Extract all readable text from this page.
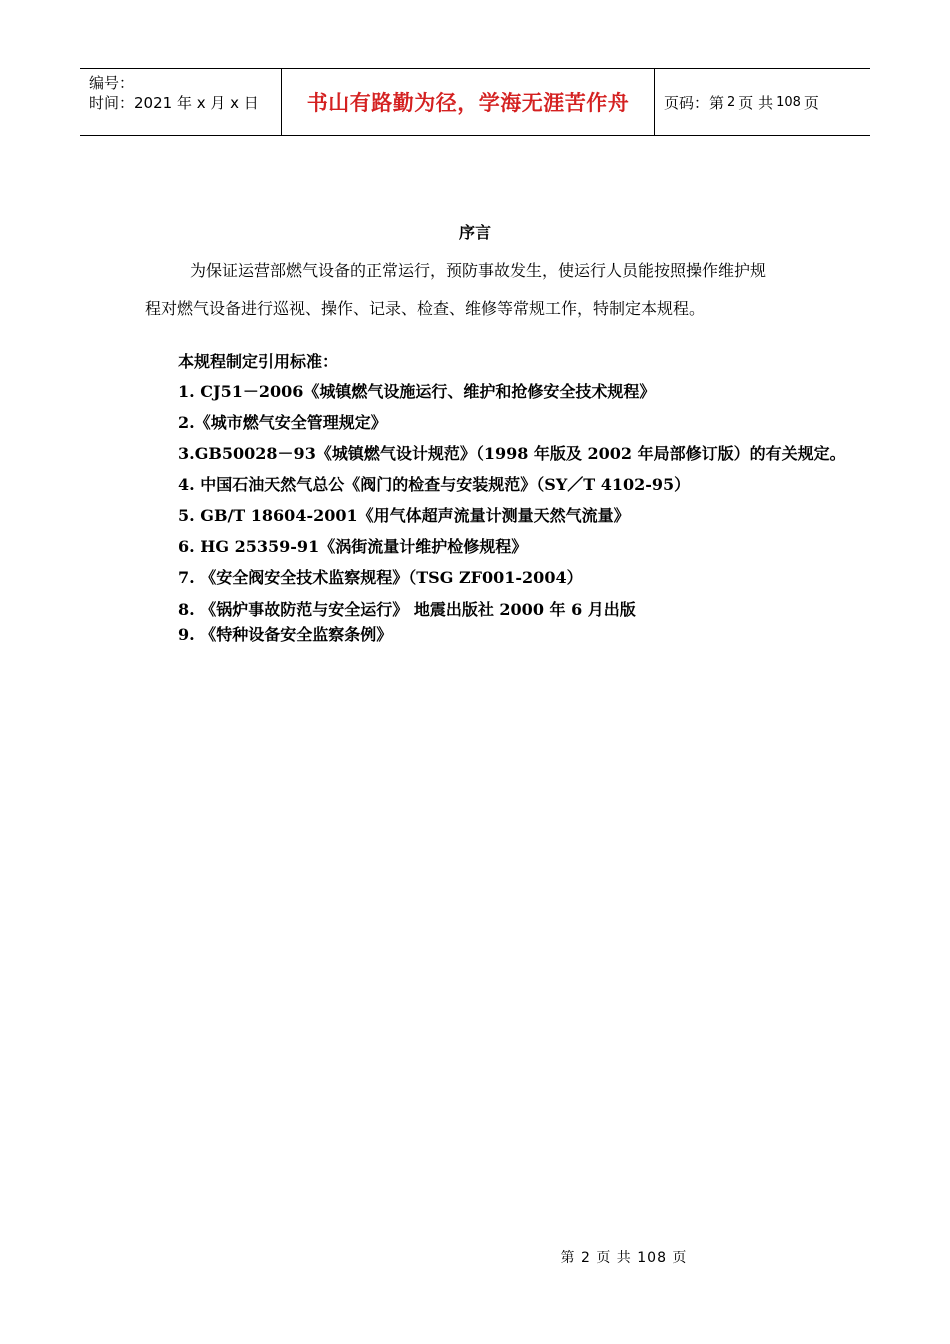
编号：
时间：2021 年 x 月 x 日	书山有路勤为径，学海无涯苦作舟 页码：第 2 页 共 108 页
序言
为保证运营部燃气设备的正常运行，预防事故发生，使运行人员能按照操作维护规
程对燃气设备进行巡视、操作、记录、检查、维修等常规工作，特制定本规程。
本规程制定引用标准：
1. CJ51－2006《城镇燃气设施运行、维护和抢修安全技术规程》
2.《城市燃气安全管理规定》
3.GB50028－93《城镇燃气设计规范》（1998 年版及 2002 年局部修订版）的有关规定。
4. 中国石油天然气总公《阀门的检查与安装规范》（SY／T 4102-95）
5. GB/T 18604-2001《用气体超声流量计测量天然气流量》
6. HG 25359-91《涡街流量计维护检修规程》
7. 《安全阀安全技术监察规程》（TSG ZF001-2004）
8. 《锅炉事故防范与安全运行》 地震出版社 2000 年 6 月出版
9. 《特种设备安全监察条例》
第 2 页 共 108 页
